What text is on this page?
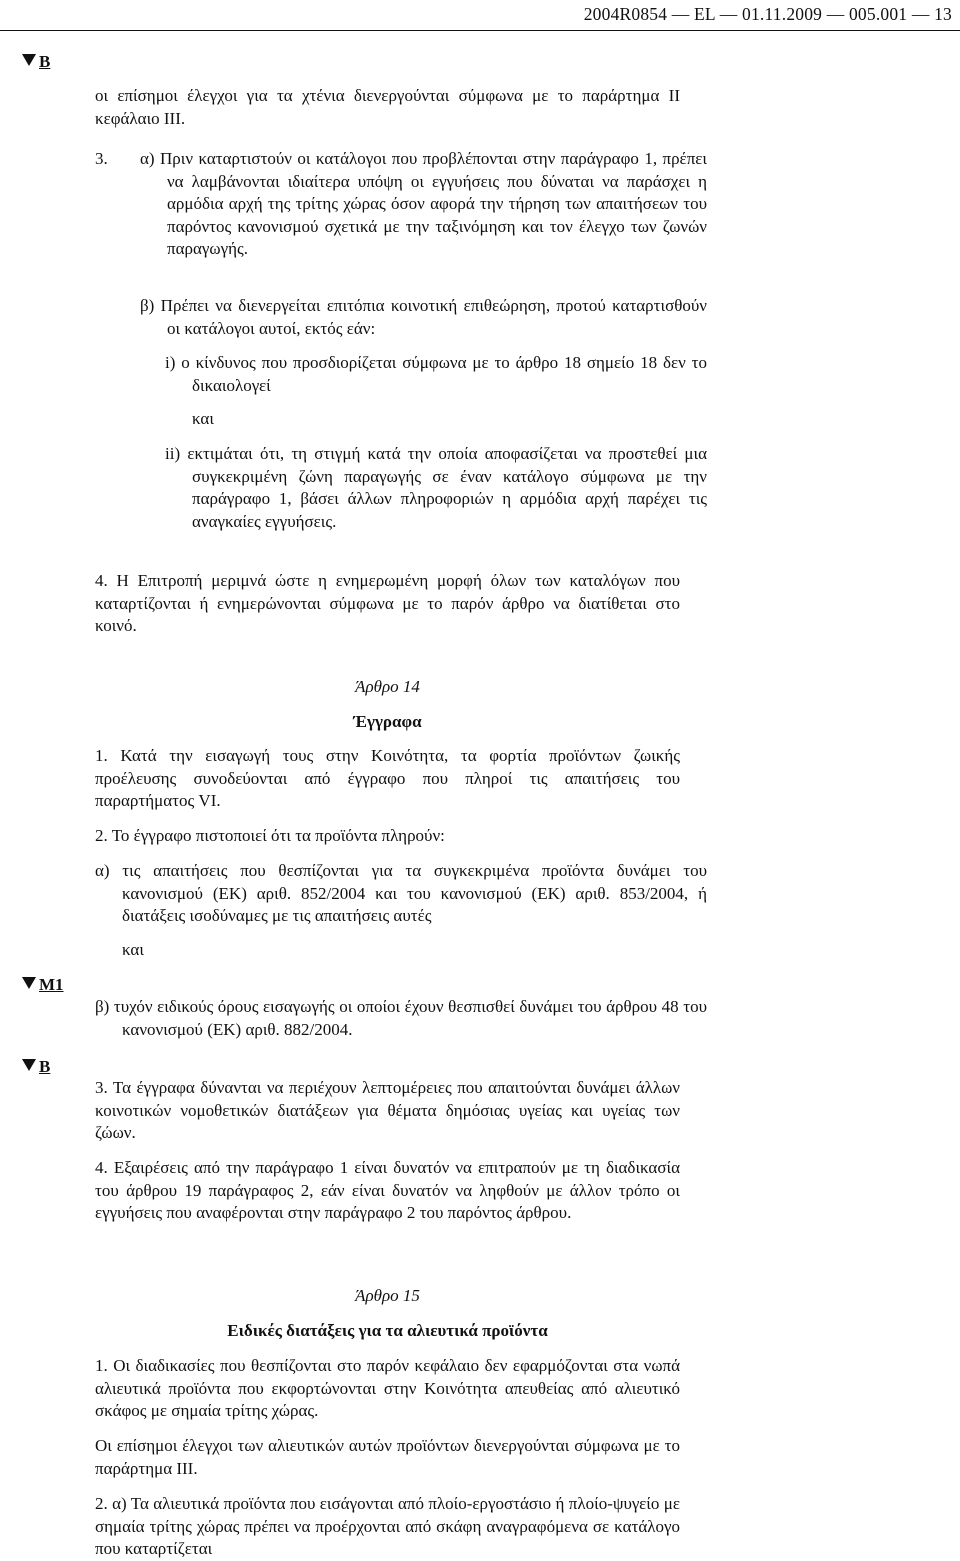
2004R0854 — EL — 01.11.2009 — 005.001 — 13
B
M1
B
οι επίσημοι έλεγχοι για τα χτένια διενεργούνται σύμφωνα με το παράρτημα II κεφάλαιο III.
3.	α) Πριν καταρτιστούν οι κατάλογοι που προβλέπονται στην παράγραφο 1, πρέπει να λαμβάνονται ιδιαίτερα υπόψη οι εγγυήσεις που δύναται να παράσχει η αρμόδια αρχή της τρίτης χώρας όσον αφορά την τήρηση των απαιτήσεων του παρόντος κανονισμού σχετικά με την ταξινόμηση και τον έλεγχο των ζωνών παραγωγής.
β) Πρέπει να διενεργείται επιτόπια κοινοτική επιθεώρηση, προτού καταρτισθούν οι κατάλογοι αυτοί, εκτός εάν:
i) ο κίνδυνος που προσδιορίζεται σύμφωνα με το άρθρο 18 σημείο 18 δεν το δικαιολογεί
και
ii) εκτιμάται ότι, τη στιγμή κατά την οποία αποφασίζεται να προστεθεί μια συγκεκριμένη ζώνη παραγωγής σε έναν κατάλογο σύμφωνα με την παράγραφο 1, βάσει άλλων πληροφοριών η αρμόδια αρχή παρέχει τις αναγκαίες εγγυήσεις.
4. Η Επιτροπή μεριμνά ώστε η ενημερωμένη μορφή όλων των καταλόγων που καταρτίζονται ή ενημερώνονται σύμφωνα με το παρόν άρθρο να διατίθεται στο κοινό.
Άρθρο 14
Έγγραφα
1. Κατά την εισαγωγή τους στην Κοινότητα, τα φορτία προϊόντων ζωικής προέλευσης συνοδεύονται από έγγραφο που πληροί τις απαιτήσεις του παραρτήματος VI.
2. Το έγγραφο πιστοποιεί ότι τα προϊόντα πληρούν:
α) τις απαιτήσεις που θεσπίζονται για τα συγκεκριμένα προϊόντα δυνάμει του κανονισμού (ΕΚ) αριθ. 852/2004 και του κανονισμού (ΕΚ) αριθ. 853/2004, ή διατάξεις ισοδύναμες με τις απαιτήσεις αυτές
και
β) τυχόν ειδικούς όρους εισαγωγής οι οποίοι έχουν θεσπισθεί δυνάμει του άρθρου 48 του κανονισμού (ΕΚ) αριθ. 882/2004.
3. Τα έγγραφα δύνανται να περιέχουν λεπτομέρειες που απαιτούνται δυνάμει άλλων κοινοτικών νομοθετικών διατάξεων για θέματα δημόσιας υγείας και υγείας των ζώων.
4. Εξαιρέσεις από την παράγραφο 1 είναι δυνατόν να επιτραπούν με τη διαδικασία του άρθρου 19 παράγραφος 2, εάν είναι δυνατόν να ληφθούν με άλλον τρόπο οι εγγυήσεις που αναφέρονται στην παράγραφο 2 του παρόντος άρθρου.
Άρθρο 15
Ειδικές διατάξεις για τα αλιευτικά προϊόντα
1. Οι διαδικασίες που θεσπίζονται στο παρόν κεφάλαιο δεν εφαρμόζονται στα νωπά αλιευτικά προϊόντα που εκφορτώνονται στην Κοινότητα απευθείας από αλιευτικό σκάφος με σημαία τρίτης χώρας.
Οι επίσημοι έλεγχοι των αλιευτικών αυτών προϊόντων διενεργούνται σύμφωνα με το παράρτημα III.
2. α) Τα αλιευτικά προϊόντα που εισάγονται από πλοίο-εργοστάσιο ή πλοίο-ψυγείο με σημαία τρίτης χώρας πρέπει να προέρχονται από σκάφη αναγραφόμενα σε κατάλογο που καταρτίζεται
